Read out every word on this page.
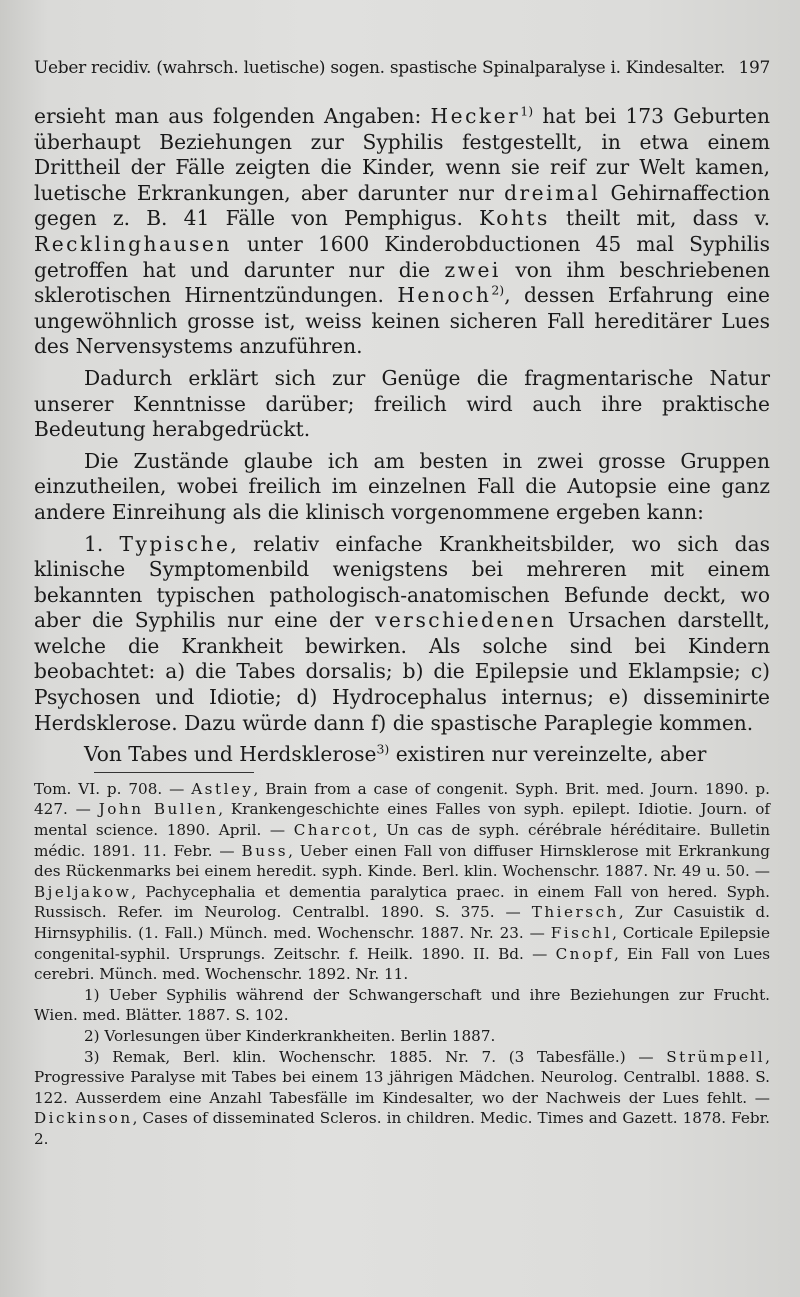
Ueber recidiv. (wahrsch. luetische) sogen. spastische Spinalparalyse i. Kindesalter. 197

ersieht man aus folgenden Angaben: Hecker$^{1)}$ hat bei 173 Geburten überhaupt Beziehungen zur Syphilis festgestellt, in etwa einem Drittheil der Fälle zeigten die Kinder, wenn sie reif zur Welt kamen, luetische Erkrankungen, aber darunter nur dreimal Gehirnaffection gegen z. B. 41 Fälle von Pemphigus. Kohts theilt mit, dass v. Recklinghausen unter 1600 Kinderobductionen 45 mal Syphilis getroffen hat und darunter nur die zwei von ihm beschriebenen sklerotischen Hirnentzündungen. Henoch$^{2)}$, dessen Erfahrung eine ungewöhnlich grosse ist, weiss keinen sicheren Fall hereditärer Lues des Nervensystems anzuführen.

Dadurch erklärt sich zur Genüge die fragmentarische Natur unserer Kenntnisse darüber; freilich wird auch ihre praktische Bedeutung herabgedrückt.

Die Zustände glaube ich am besten in zwei grosse Gruppen einzutheilen, wobei freilich im einzelnen Fall die Autopsie eine ganz andere Einreihung als die klinisch vorgenommene ergeben kann:

1. Typische, relativ einfache Krankheitsbilder, wo sich das klinische Symptomenbild wenigstens bei mehreren mit einem bekannten typischen pathologisch-anatomischen Befunde deckt, wo aber die Syphilis nur eine der verschiedenen Ursachen darstellt, welche die Krankheit bewirken. Als solche sind bei Kindern beobachtet: a) die Tabes dorsalis; b) die Epilepsie und Eklampsie; c) Psychosen und Idiotie; d) Hydrocephalus internus; e) disseminirte Herdsklerose. Dazu würde dann f) die spastische Paraplegie kommen.

Von Tabes und Herdsklerose$^{3)}$ existiren nur vereinzelte, aber

Tom. VI. p. 708. — Astley, Brain from a case of congenit. Syph. Brit. med. Journ. 1890. p. 427. — John Bullen, Krankengeschichte eines Falles von syph. epilept. Idiotie. Journ. of mental science. 1890. April. — Charcot, Un cas de syph. cérébrale héréditaire. Bulletin médic. 1891. 11. Febr. — Buss, Ueber einen Fall von diffuser Hirnsklerose mit Erkrankung des Rückenmarks bei einem heredit. syph. Kinde. Berl. klin. Wochenschr. 1887. Nr. 49 u. 50. — Bjeljakow, Pachycephalia et dementia paralytica praec. in einem Fall von hered. Syph. Russisch. Refer. im Neurolog. Centralbl. 1890. S. 375. — Thiersch, Zur Casuistik d. Hirnsyphilis. (1. Fall.) Münch. med. Wochenschr. 1887. Nr. 23. — Fischl, Corticale Epilepsie congenital-syphil. Ursprungs. Zeitschr. f. Heilk. 1890. II. Bd. — Cnopf, Ein Fall von Lues cerebri. Münch. med. Wochenschr. 1892. Nr. 11.

1) Ueber Syphilis während der Schwangerschaft und ihre Beziehungen zur Frucht. Wien. med. Blätter. 1887. S. 102.

2) Vorlesungen über Kinderkrankheiten. Berlin 1887.

3) Remak, Berl. klin. Wochenschr. 1885. Nr. 7. (3 Tabesfälle.) — Strümpell, Progressive Paralyse mit Tabes bei einem 13 jährigen Mädchen. Neurolog. Centralbl. 1888. S. 122. Ausserdem eine Anzahl Tabesfälle im Kindesalter, wo der Nachweis der Lues fehlt. — Dickinson, Cases of disseminated Scleros. in children. Medic. Times and Gazett. 1878. Febr. 2.
